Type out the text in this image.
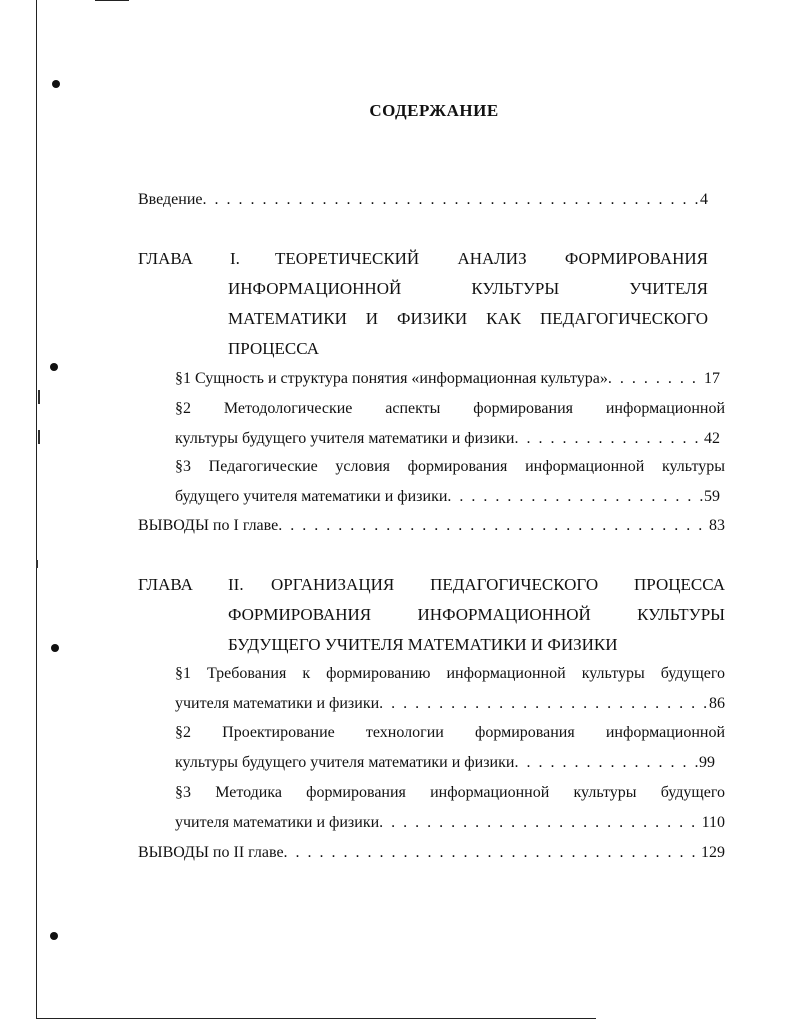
СОДЕРЖАНИЕ
Введение . . .	4
ГЛАВА I. ТЕОРЕТИЧЕСКИЙ АНАЛИЗ ФОРМИРОВАНИЯ
ИНФОРМАЦИОННОЙ КУЛЬТУРЫ УЧИТЕЛЯ
МАТЕМАТИКИ И ФИЗИКИ КАК ПЕДАГОГИЧЕСКОГО
ПРОЦЕССА
§1 Сущность и структура понятия «информационная культура» . . .	17
§2 Методологические аспекты формирования информационной
культуры будущего учителя математики и физики . . .	42
§3 Педагогические условия формирования информационной культуры
будущего учителя математики и физики . . .	59
ВЫВОДЫ по I главе . . .	83
ГЛАВА II. ОРГАНИЗАЦИЯ ПЕДАГОГИЧЕСКОГО ПРОЦЕССА
ФОРМИРОВАНИЯ ИНФОРМАЦИОННОЙ КУЛЬТУРЫ
БУДУЩЕГО УЧИТЕЛЯ МАТЕМАТИКИ И ФИЗИКИ
§1 Требования к формированию информационной культуры будущего
учителя математики и физики . . .	86
§2 Проектирование технологии формирования информационной
культуры будущего учителя математики и физики . . .	99
§3 Методика формирования информационной культуры будущего
учителя математики и физики . . .	110
ВЫВОДЫ по II главе . . .	129
